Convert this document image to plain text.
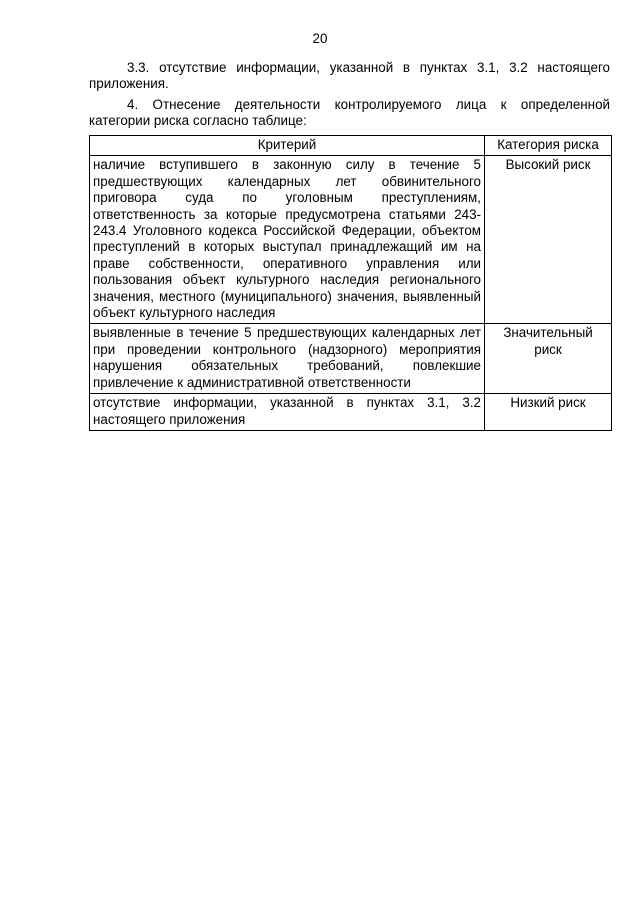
20

3.3. отсутствие информации, указанной в пунктах 3.1, 3.2 настоящего приложения.

4. Отнесение деятельности контролируемого лица к определенной категории риска согласно таблице:

Критерий	Категория риска
наличие вступившего в законную силу в течение 5 предшествующих календарных лет обвинительного приговора суда по уголовным преступлениям, ответственность за которые предусмотрена статьями 243-243.4 Уголовного кодекса Российской Федерации, объектом преступлений в которых выступал принадлежащий им на праве собственности, оперативного управления или пользования объект культурного наследия регионального значения, местного (муниципального) значения, выявленный объект культурного наследия	Высокий риск
выявленные в течение 5 предшествующих календарных лет при проведении контрольного (надзорного) мероприятия нарушения обязательных требований, повлекшие привлечение к административной ответственности	Значительный риск
отсутствие информации, указанной в пунктах 3.1, 3.2 настоящего приложения	Низкий риск
